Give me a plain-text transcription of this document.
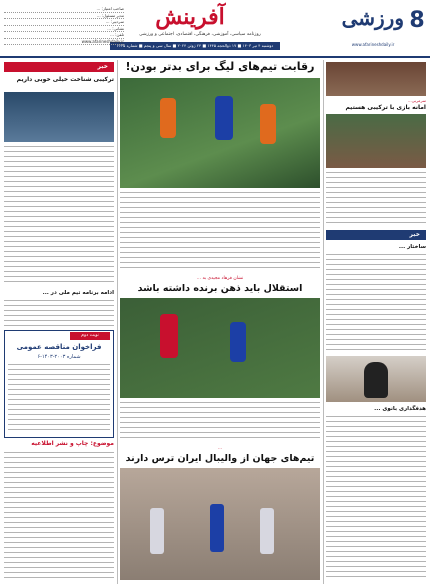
8
ورزشی
www.afarineshdaily.ir
آفرینش
روزنامه سیاسی، آموزشی، فرهنگی، اقتصادی، اجتماعی و ورزشی
دوشنبه ۴ تیر ۱۴۰۳ ■ ۱۷ ذوالحجه ۱۴۴۵ ■ ۲۴ ژوئن ۲۰۲۴ ■ سال سی و پنجم ■ شماره ۶۶۳۵
صاحب امتیاز: ...
مدیر مسئول: ...
سردبیر: ...
نشانی: ...
تلفن: ...
www.afarineshdaily.ir
خبر
ترکیبی شناخت خیلی خوبی داریم
ادامه برنامه تیم ملی در ...
نوبت دوم
فراخوان مناقصه عمومی
شماره ۲۰۰۳-۱۴۰۳-۶
موضوع: چاپ و نشر اطلاعیه
رقابت تیم‌های لیگ برای بدتر بودن!
نشان فرهاد مجیدی به ...
استقلال باید ذهن برنده داشته باشد
...
تیم‌های جهان از والیبال ایران ترس دارند
سرمربی...
امانه بازی با ترکیبی هستیم
خبر
ساختار ...
هدفگذاری بانوی ...
